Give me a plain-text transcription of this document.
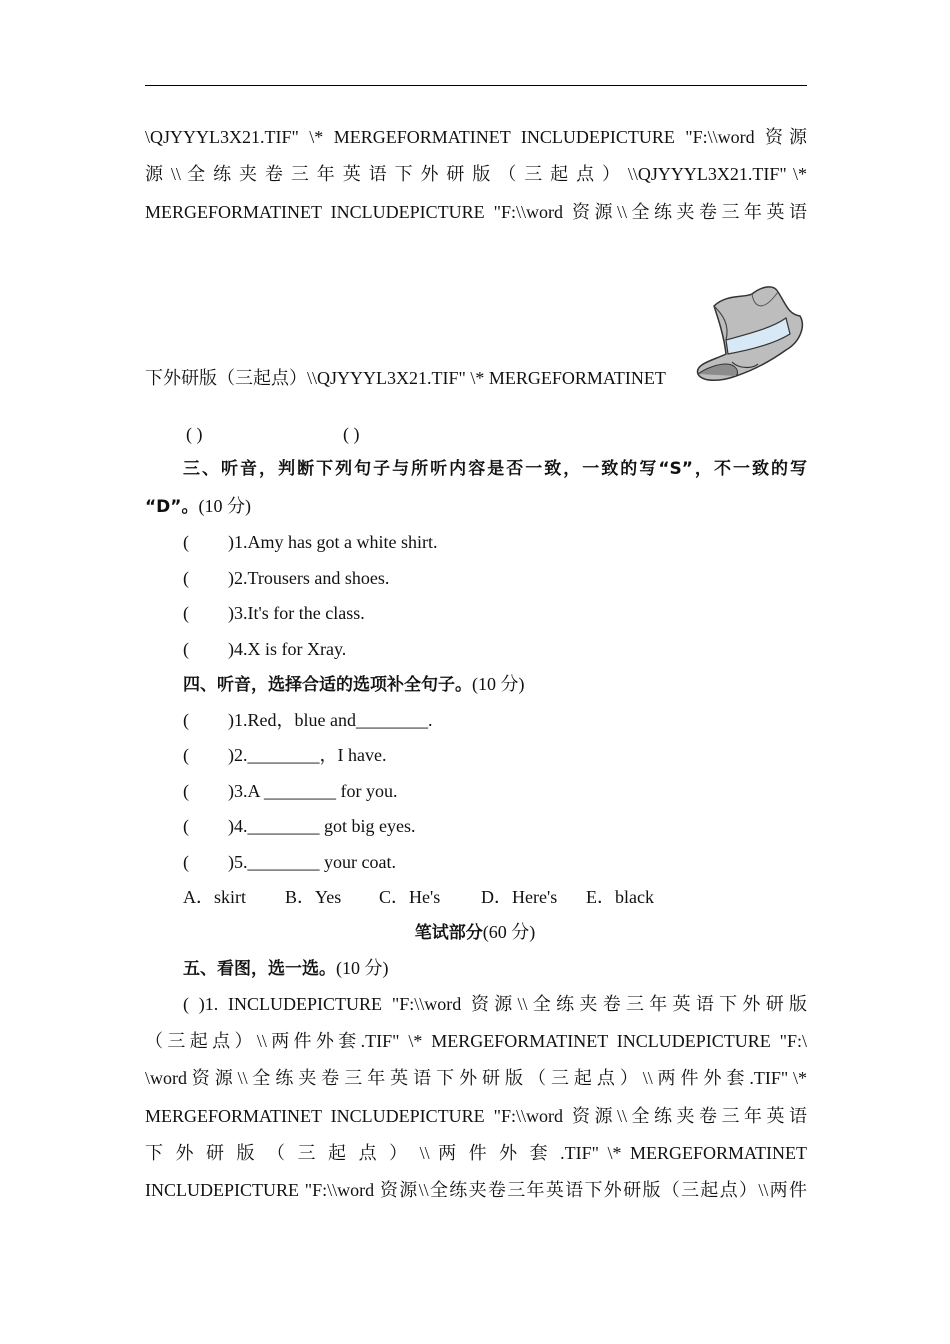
\QJYYYL3X21.TIF" \* MERGEFORMATINET INCLUDEPICTURE "F:\\word 资源
源 \\ 全 练 夹 卷 三 年 英 语 下 外 研 版 （ 三 起 点 ） \\QJYYYL3X21.TIF" \*
MERGEFORMATINET INCLUDEPICTURE "F:\\word 资源\\全练夹卷三年英语
下外研版（三起点）\\QJYYYL3X21.TIF" \* MERGEFORMATINET
( )	( )
三、听音，判断下列句子与所听内容是否一致，一致的写“S”，不一致的写
“D”。(10 分)
( )1.Amy has got a white shirt.
( )2.Trousers and shoes.
( )3.It's for the class.
( )4.X is for Xray.
四、听音，选择合适的选项补全句子。(10 分)
( )1.Red，blue and________.
( )2.________，I have.
( )3.A ________ for you.
( )4.________ got big eyes.
( )5.________ your coat.
A．skirt B．Yes C．He's D．Here's E．black
笔试部分(60 分)
五、看图，选一选。(10 分)
( )1. INCLUDEPICTURE "F:\\word 资源\\全练夹卷三年英语下外研版
（三起点）\\两件外套.TIF" \* MERGEFORMATINET INCLUDEPICTURE "F:\
\word 资 源 \\ 全 练 夹 卷 三 年 英 语 下 外 研 版 （ 三 起 点 ） \\ 两 件 外 套 .TIF" \*
MERGEFORMATINET INCLUDEPICTURE "F:\\word 资源\\全练夹卷三年英语
下 外 研 版 （ 三 起 点 ） \\ 两 件 外 套 .TIF" \* MERGEFORMATINET
INCLUDEPICTURE "F:\\word 资源\\全练夹卷三年英语下外研版（三起点）\\两件
